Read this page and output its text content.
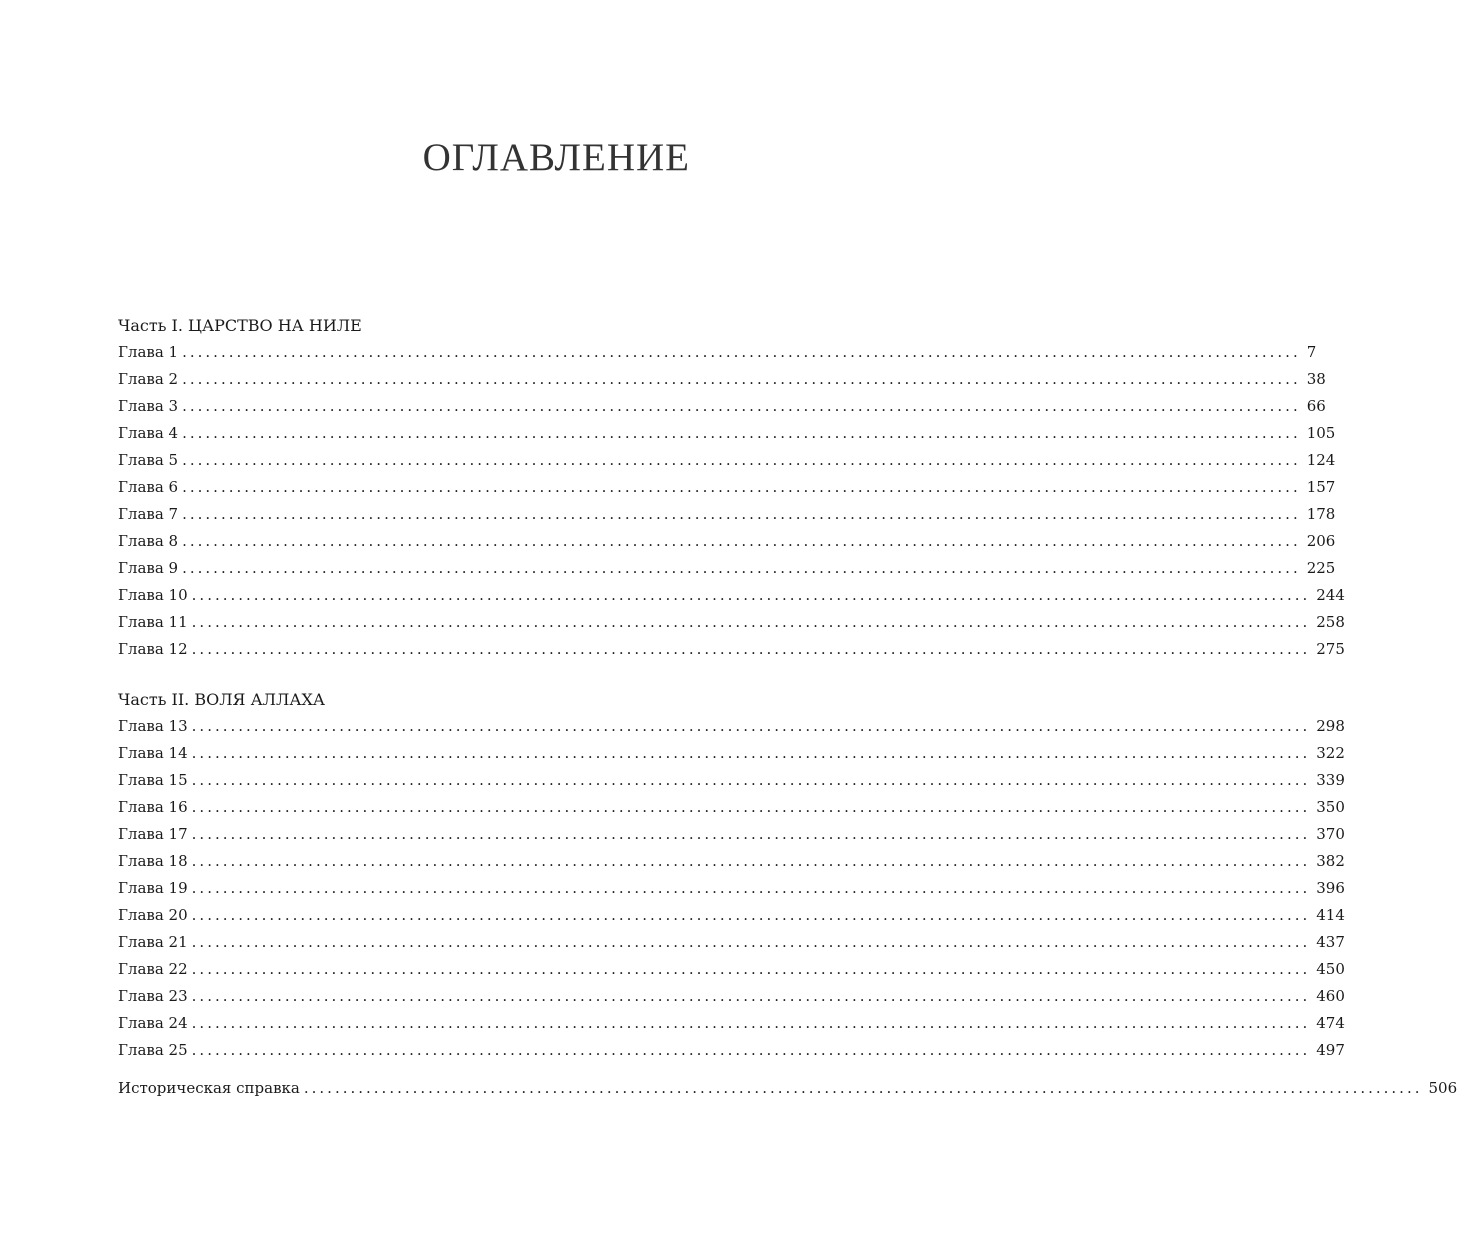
ОГЛАВЛЕНИЕ
Часть I. ЦАРСТВО НА НИЛЕ
Глава 1 ................................................................................................................................................ 7
Глава 2 ................................................................................................................................................ 38
Глава 3 ................................................................................................................................................ 66
Глава 4 ................................................................................................................................................ 105
Глава 5 ................................................................................................................................................ 124
Глава 6 ................................................................................................................................................ 157
Глава 7 ................................................................................................................................................ 178
Глава 8 ................................................................................................................................................ 206
Глава 9 ................................................................................................................................................ 225
Глава 10 ................................................................................................................................................ 244
Глава 11 ................................................................................................................................................ 258
Глава 12 ................................................................................................................................................ 275
Часть II. ВОЛЯ АЛЛАХА
Глава 13 ................................................................................................................................................ 298
Глава 14 ................................................................................................................................................ 322
Глава 15 ................................................................................................................................................ 339
Глава 16 ................................................................................................................................................ 350
Глава 17 ................................................................................................................................................ 370
Глава 18 ................................................................................................................................................ 382
Глава 19 ................................................................................................................................................ 396
Глава 20 ................................................................................................................................................ 414
Глава 21 ................................................................................................................................................ 437
Глава 22 ................................................................................................................................................ 450
Глава 23 ................................................................................................................................................ 460
Глава 24 ................................................................................................................................................ 474
Глава 25 ................................................................................................................................................ 497
Историческая справка ................................................................................................................................................ 506
